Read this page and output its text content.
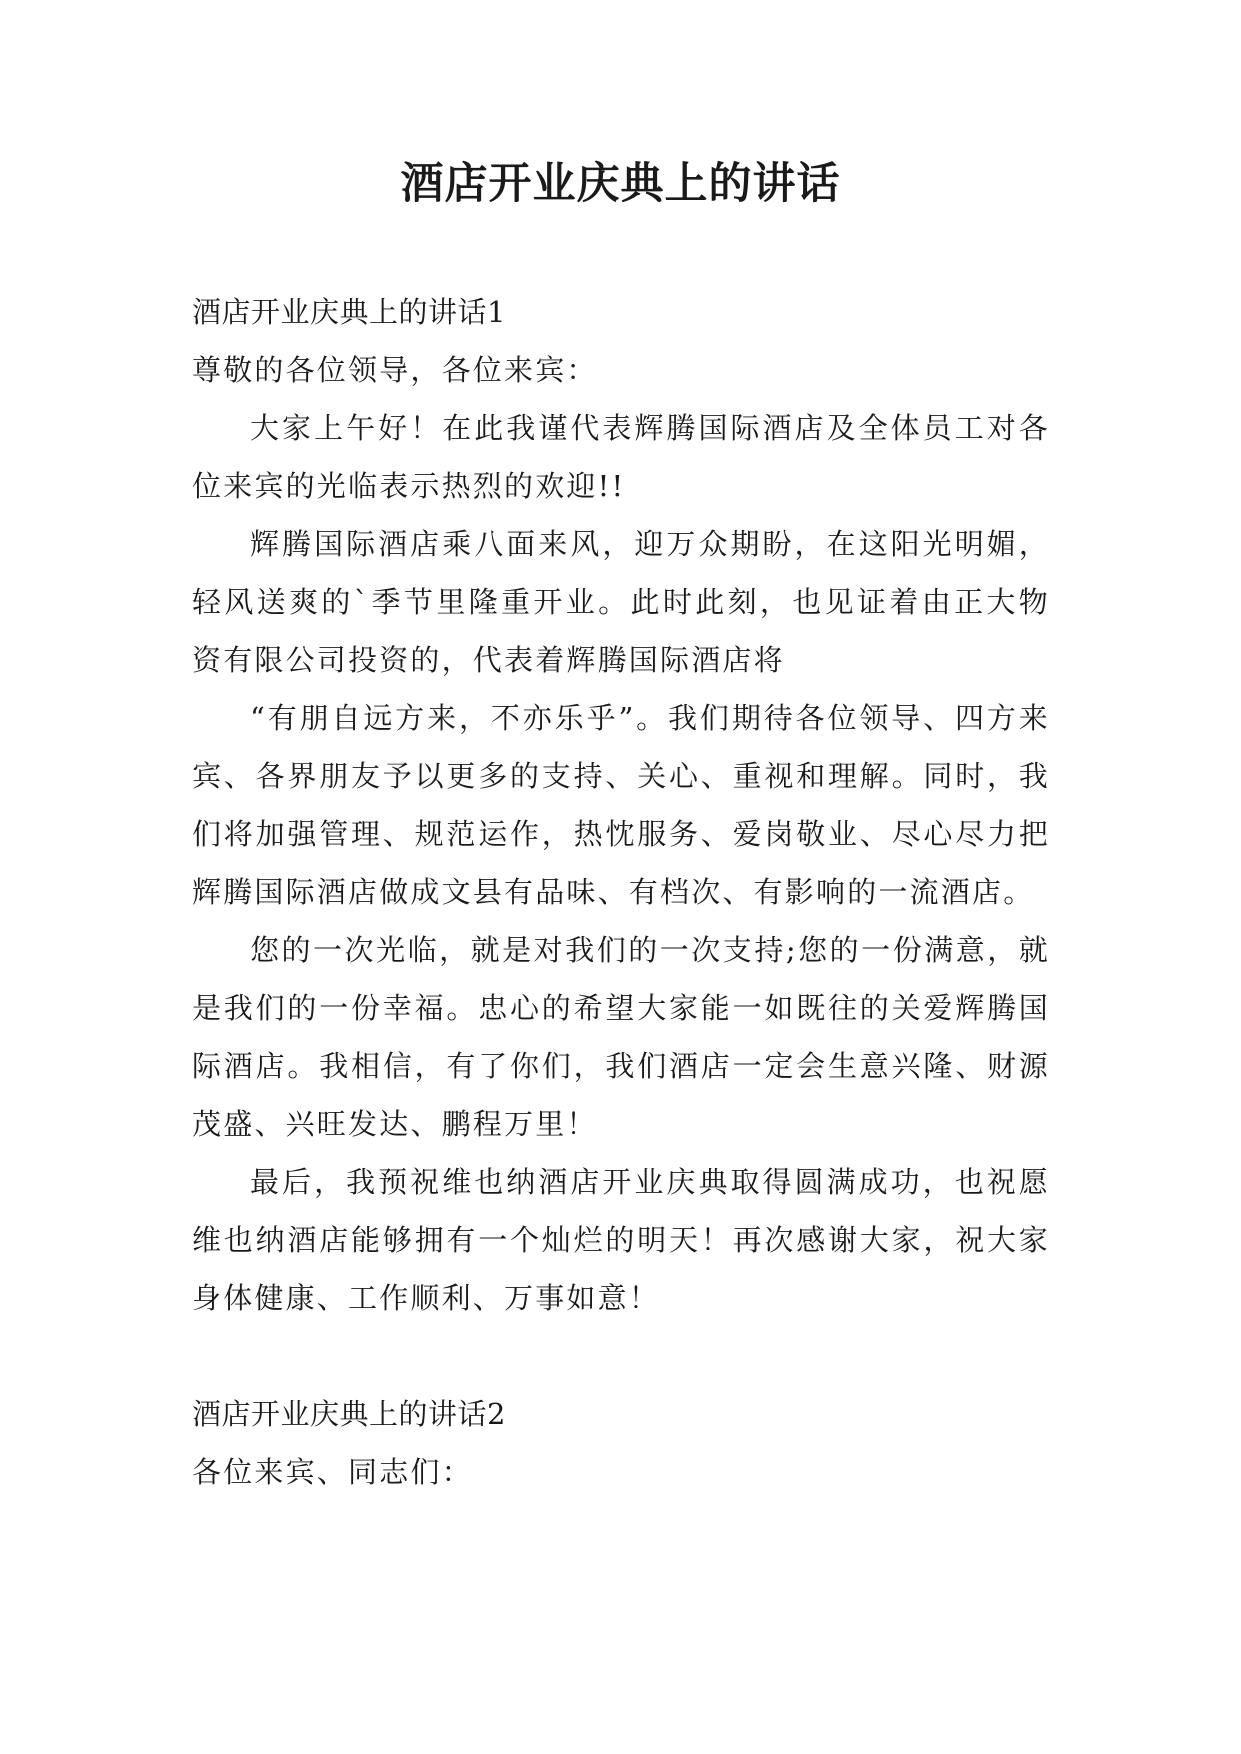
酒店开业庆典上的讲话

酒店开业庆典上的讲话1

尊敬的各位领导，各位来宾：

大家上午好！在此我谨代表辉腾国际酒店及全体员工对各位来宾的光临表示热烈的欢迎!!

辉腾国际酒店乘八面来风，迎万众期盼，在这阳光明媚，轻风送爽的`季节里隆重开业。此时此刻，也见证着由正大物资有限公司投资的，代表着辉腾国际酒店将

“有朋自远方来，不亦乐乎”。我们期待各位领导、四方来宾、各界朋友予以更多的支持、关心、重视和理解。同时，我们将加强管理、规范运作，热忱服务、爱岗敬业、尽心尽力把辉腾国际酒店做成文县有品味、有档次、有影响的一流酒店。

您的一次光临，就是对我们的一次支持;您的一份满意，就是我们的一份幸福。忠心的希望大家能一如既往的关爱辉腾国际酒店。我相信，有了你们，我们酒店一定会生意兴隆、财源茂盛、兴旺发达、鹏程万里！

最后，我预祝维也纳酒店开业庆典取得圆满成功，也祝愿维也纳酒店能够拥有一个灿烂的明天！再次感谢大家，祝大家身体健康、工作顺利、万事如意！

酒店开业庆典上的讲话2

各位来宾、同志们：
